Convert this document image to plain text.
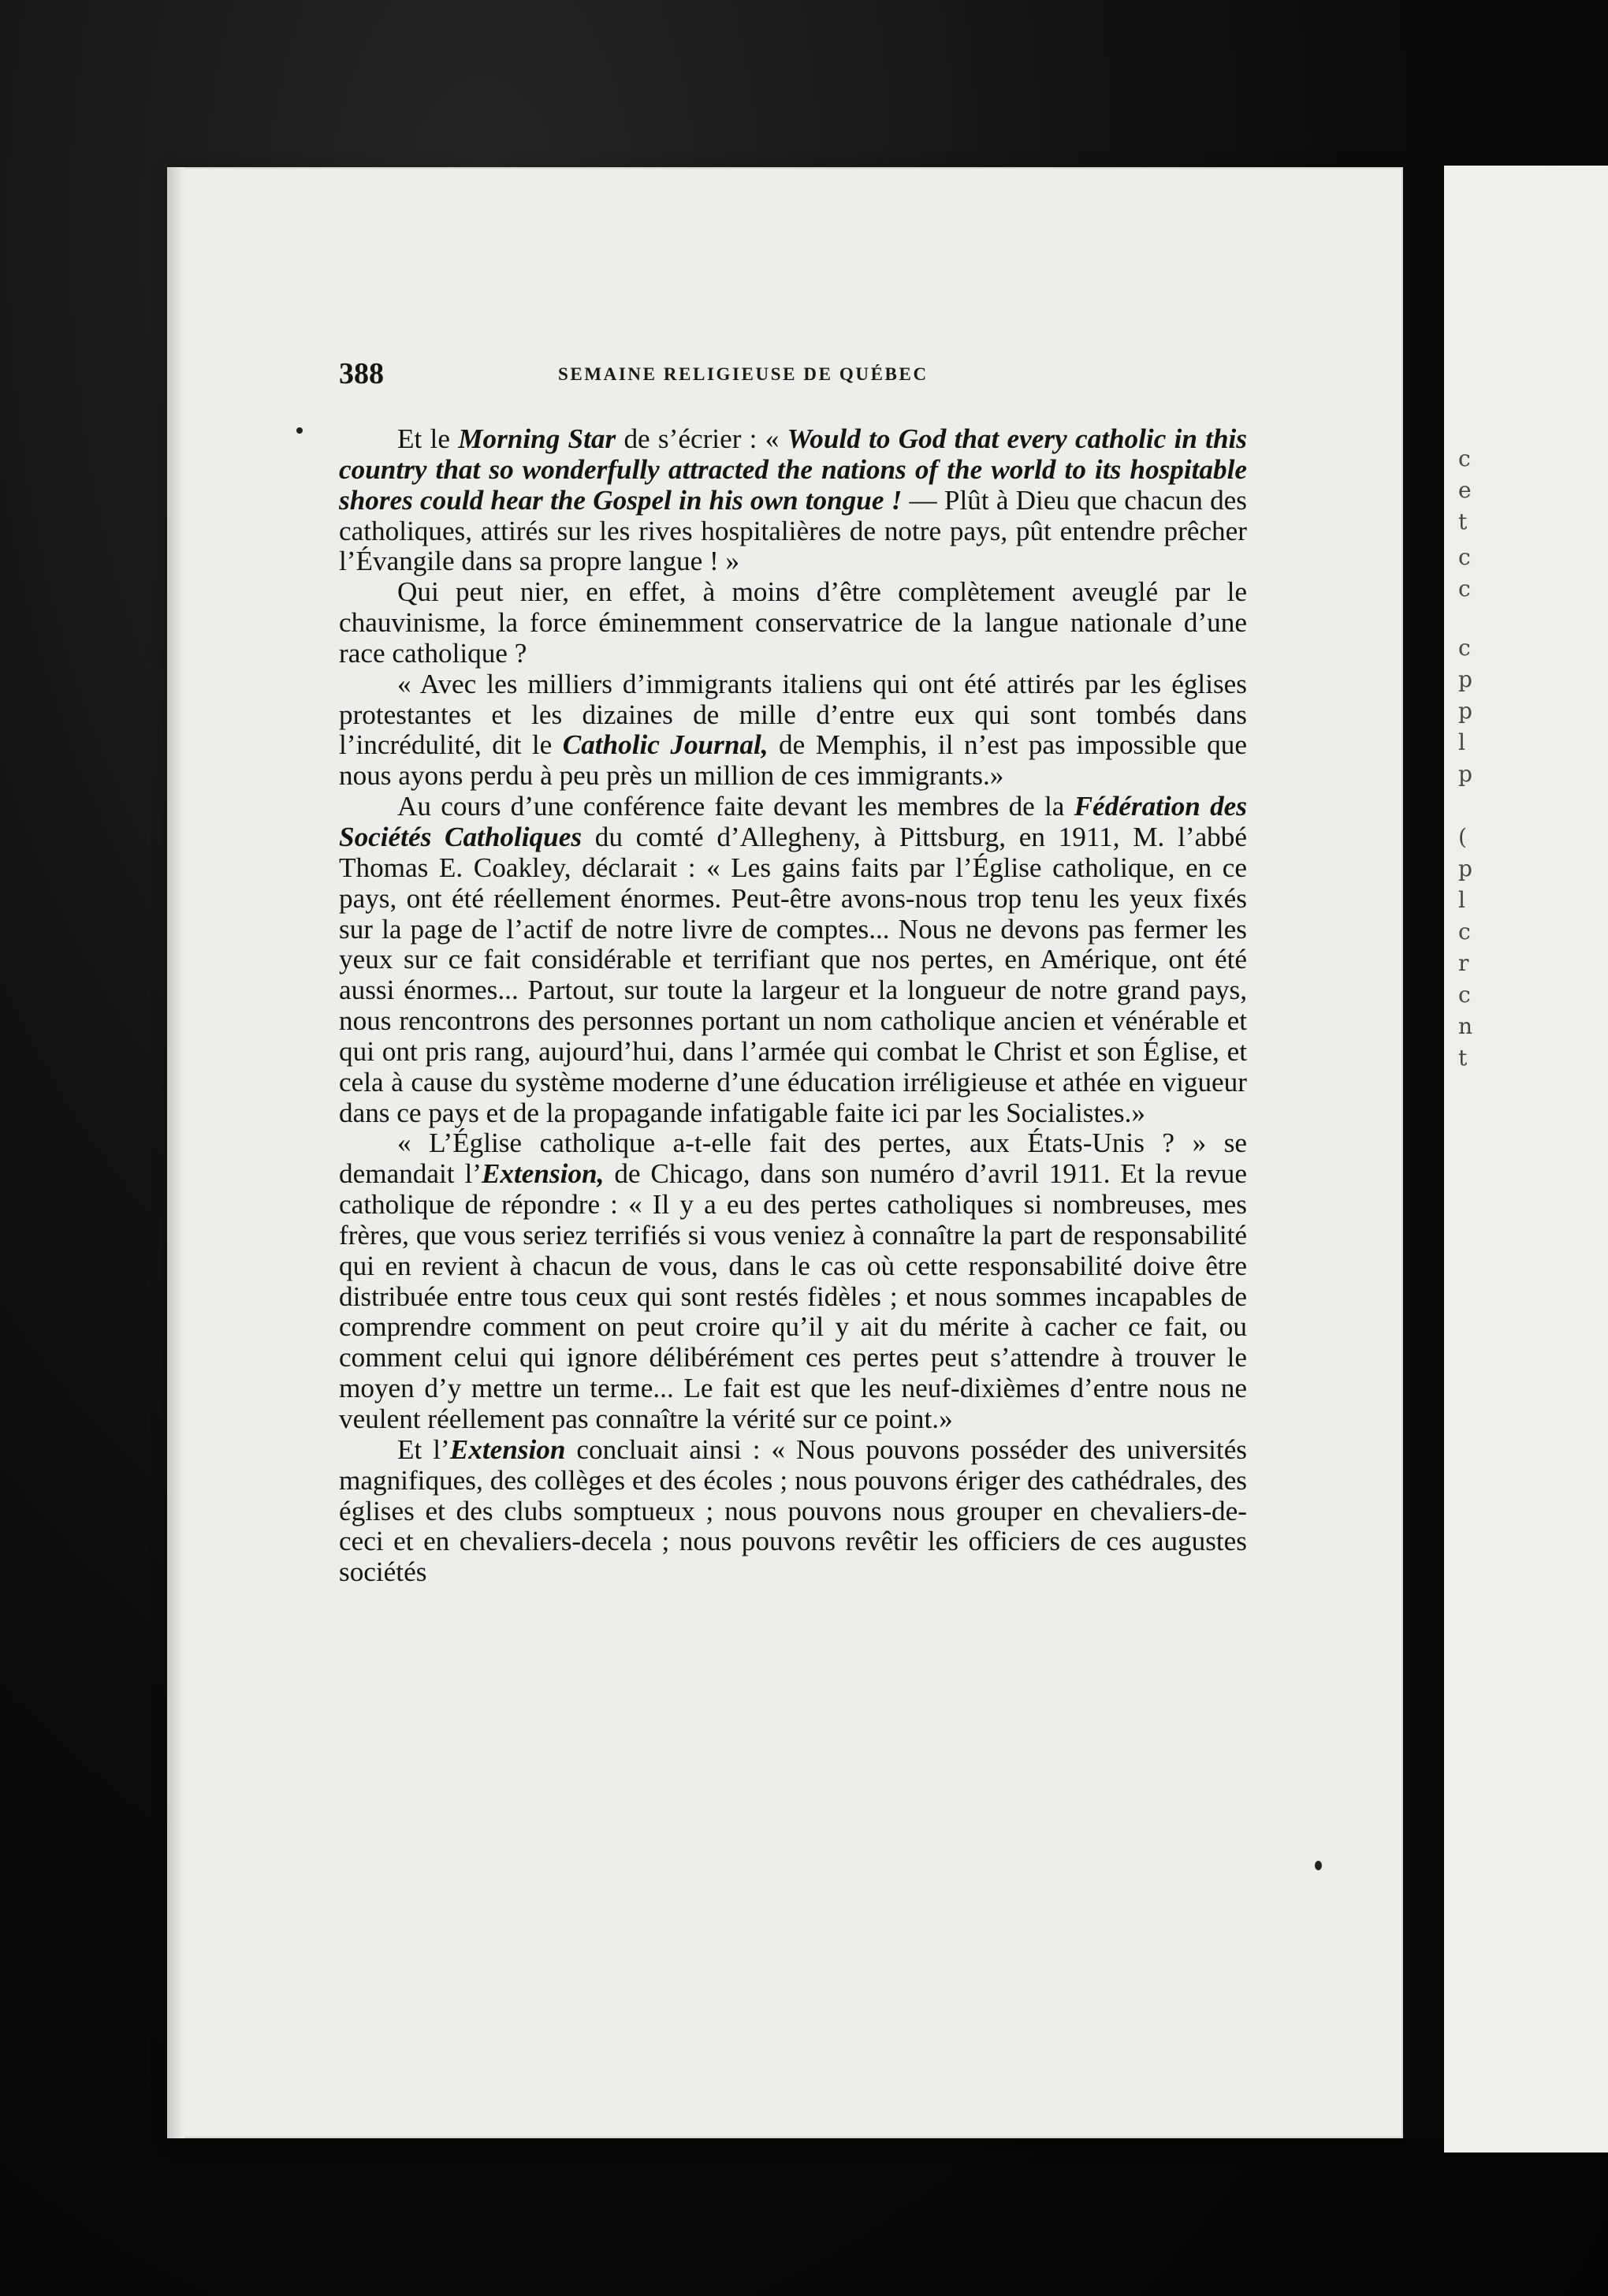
c
e
t
c
c
c
p
p
l
p
(
p
l
c
r
c
n
t
388	SEMAINE RELIGIEUSE DE QUÉBEC

Et le Morning Star de s’écrier : « Would to God that every catholic in this country that so wonderfully attracted the nations of the world to its hospitable shores could hear the Gospel in his own tongue ! — Plût à Dieu que chacun des catholiques, attirés sur les rives hospitalières de notre pays, pût entendre prêcher l’Évangile dans sa propre langue ! »

Qui peut nier, en effet, à moins d’être complètement aveuglé par le chauvinisme, la force éminemment conservatrice de la langue nationale d’une race catholique ?

« Avec les milliers d’immigrants italiens qui ont été attirés par les églises protestantes et les dizaines de mille d’entre eux qui sont tombés dans l’incrédulité, dit le Catholic Journal, de Memphis, il n’est pas impossible que nous ayons perdu à peu près un million de ces immigrants.»

Au cours d’une conférence faite devant les membres de la Fédération des Sociétés Catholiques du comté d’Allegheny, à Pittsburg, en 1911, M. l’abbé Thomas E. Coakley, déclarait : « Les gains faits par l’Église catholique, en ce pays, ont été réellement énormes. Peut-être avons-nous trop tenu les yeux fixés sur la page de l’actif de notre livre de comptes... Nous ne devons pas fermer les yeux sur ce fait considérable et terrifiant que nos pertes, en Amérique, ont été aussi énormes... Partout, sur toute la largeur et la longueur de notre grand pays, nous rencontrons des personnes portant un nom catholique ancien et vénérable et qui ont pris rang, aujourd’hui, dans l’armée qui combat le Christ et son Église, et cela à cause du système moderne d’une éducation irréligieuse et athée en vigueur dans ce pays et de la propagande infatigable faite ici par les Socialistes.»

« L’Église catholique a-t-elle fait des pertes, aux États-Unis ? » se demandait l’Extension, de Chicago, dans son numéro d’avril 1911. Et la revue catholique de répondre : « Il y a eu des pertes catholiques si nombreuses, mes frères, que vous seriez terrifiés si vous veniez à connaître la part de responsabilité qui en revient à chacun de vous, dans le cas où cette responsabilité doive être distribuée entre tous ceux qui sont restés fidèles ; et nous sommes incapables de comprendre comment on peut croire qu’il y ait du mérite à cacher ce fait, ou comment celui qui ignore délibérément ces pertes peut s’attendre à trouver le moyen d’y mettre un terme... Le fait est que les neuf-dixièmes d’entre nous ne veulent réellement pas connaître la vérité sur ce point.»

Et l’Extension concluait ainsi : « Nous pouvons posséder des universités magnifiques, des collèges et des écoles ; nous pouvons ériger des cathédrales, des églises et des clubs somptueux ; nous pouvons nous grouper en chevaliers-de-ceci et en chevaliers-decela ; nous pouvons revêtir les officiers de ces augustes sociétés
